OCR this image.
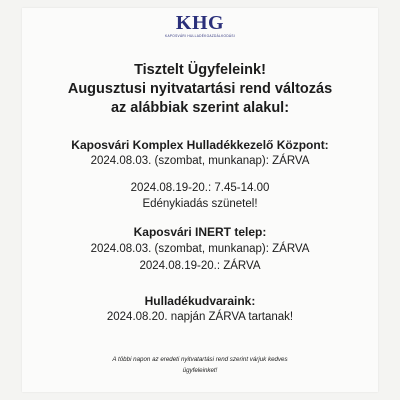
KHG
KAPOSVÁRI HULLADÉKGAZDÁLKODÁSI
Tisztelt Ügyfeleink!
Augusztusi nyitvatartási rend változás
az alábbiak szerint alakul:
Kaposvári Komplex Hulladékkezelő Központ:
2024.08.03. (szombat, munkanap): ZÁRVA
2024.08.19-20.: 7.45-14.00
Edénykiadás szünetel!
Kaposvári INERT telep:
2024.08.03. (szombat, munkanap): ZÁRVA
2024.08.19-20.: ZÁRVA
Hulladékudvaraink:
2024.08.20. napján ZÁRVA tartanak!
A többi napon az eredeti nyitvatartási rend szerint várjuk kedves
ügyfeleinket!
